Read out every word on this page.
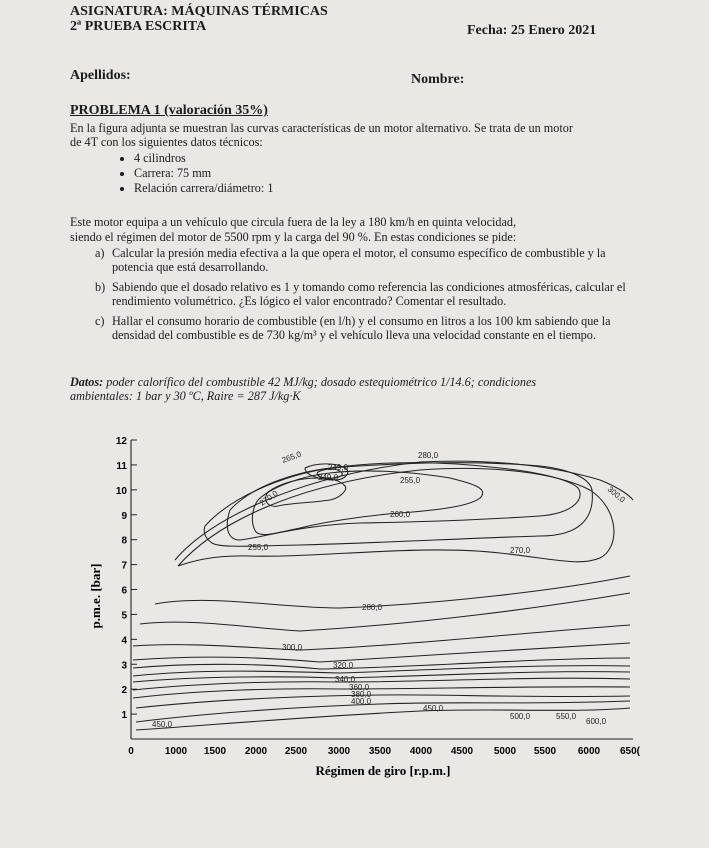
ASIGNATURA: MÁQUINAS TÉRMICAS
2ª PRUEBA ESCRITA	Fecha: 25 Enero 2021
Apellidos:	Nombre:
PROBLEMA 1 (valoración 35%)
En la figura adjunta se muestran las curvas características de un motor alternativo. Se trata de un motor
de 4T con los siguientes datos técnicos:
• 4 cilindros
• Carrera: 75 mm
• Relación carrera/diámetro: 1
Este motor equipa a un vehículo que circula fuera de la ley a 180 km/h en quinta velocidad,
siendo el régimen del motor de 5500 rpm y la carga del 90 %. En estas condiciones se pide:
a) Calcular la presión media efectiva a la que opera el motor, el consumo específico de combustible y la potencia que está desarrollando.
b) Sabiendo que el dosado relativo es 1 y tomando como referencia las condiciones atmosféricas, calcular el rendimiento volumétrico. ¿Es lógico el valor encontrado? Comentar el resultado.
c) Hallar el consumo horario de combustible (en l/h) y el consumo en litros a los 100 km sabiendo que la densidad del combustible es de 730 kg/m³ y el vehículo lleva una velocidad constante en el tiempo.
Datos: poder calorífico del combustible 42 MJ/kg; dosado estequiométrico 1/14.6; condiciones
ambientales: 1 bar y 30 ºC, Raire = 287 J/kg·K
0	1000 1500 2000 2500 3000 3500 4000 4500 5000 5500 6000 650(
1
2
3
4
5
6
7
8
9
10
11
12
249,0
249,0	255,0
255,0
260,0
265,0
270,0
270,0
280,0
280,0
300,0
300,0
320,0
340,0
360,0
380,0
400,0
450,0
450,0
500,0	550,0
600,0
Régimen de giro [r.p.m.]
p.m.e. [bar]
